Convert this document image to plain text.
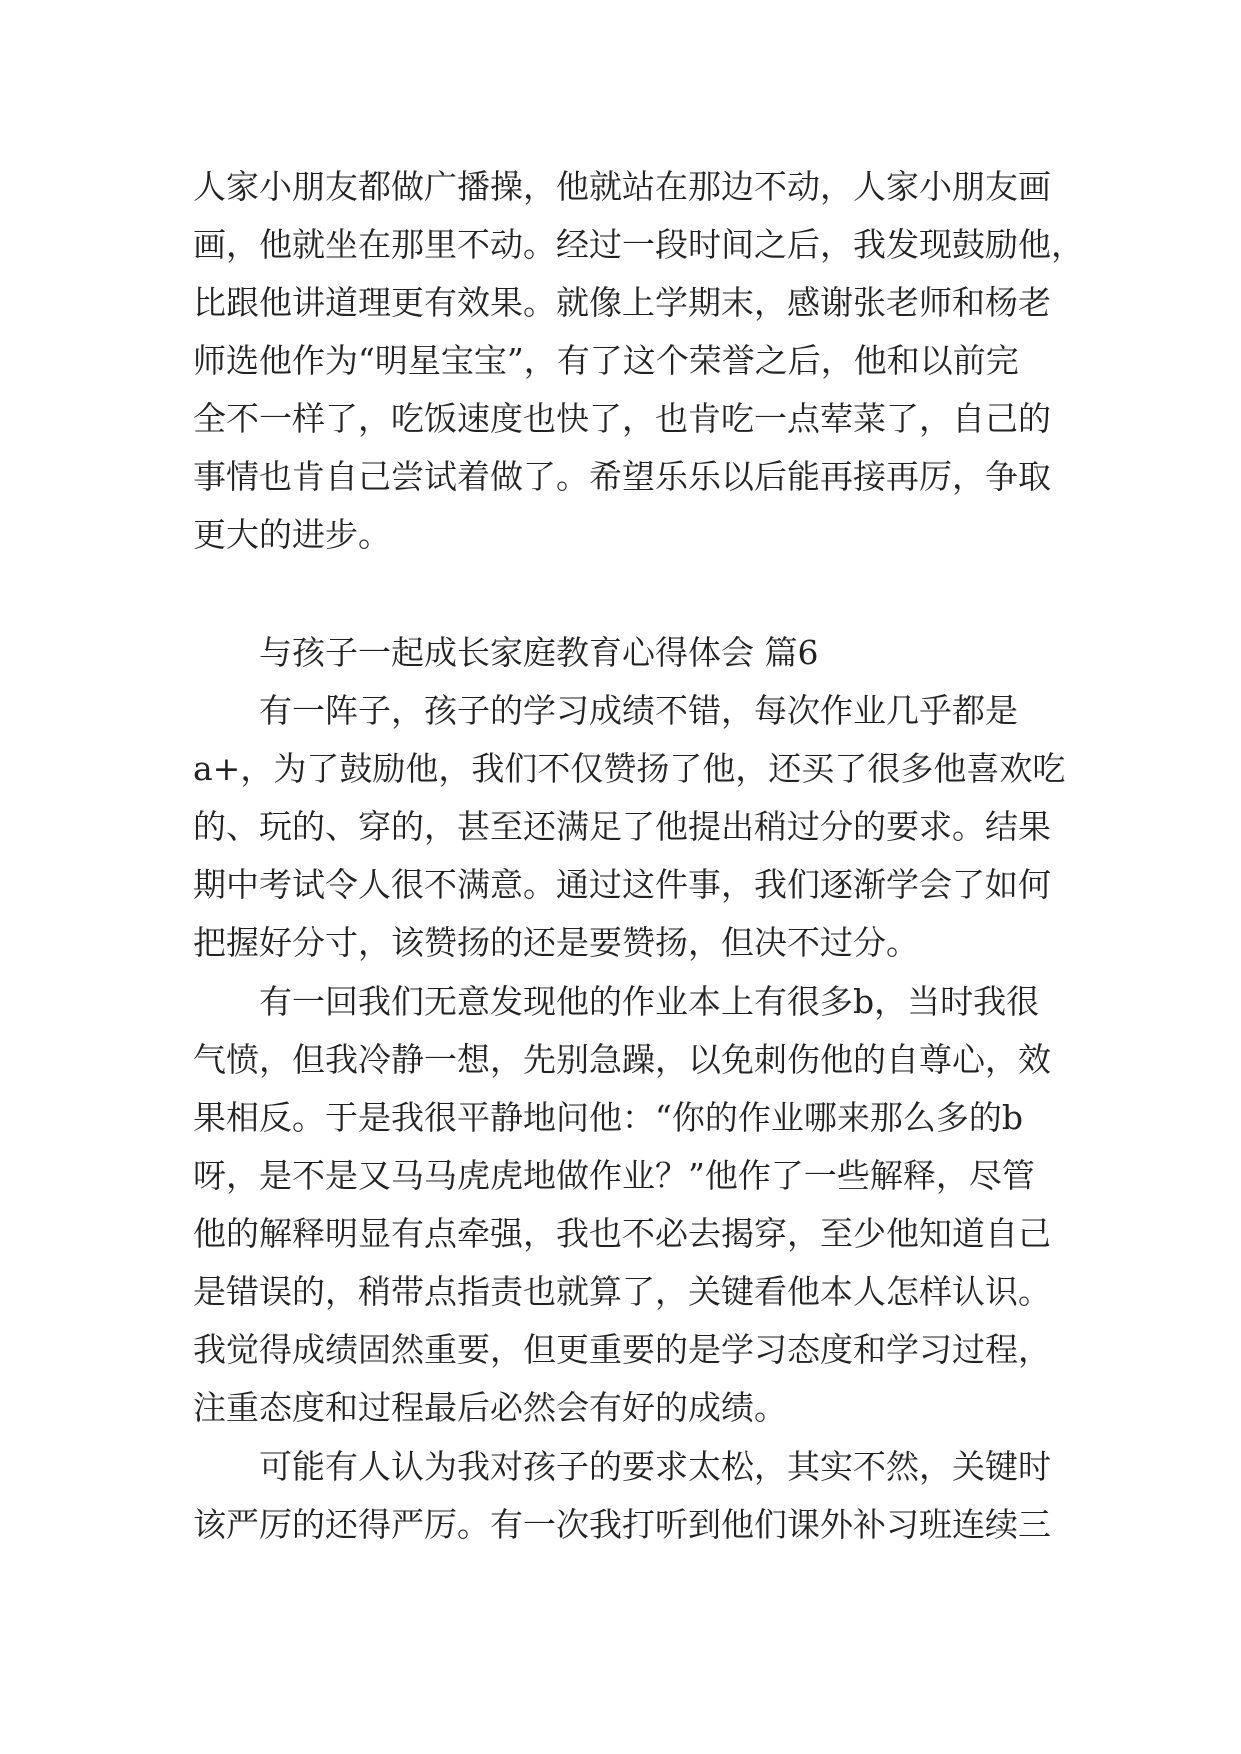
人家小朋友都做广播操，他就站在那边不动，人家小朋友画
画，他就坐在那里不动。经过一段时间之后，我发现鼓励他，
比跟他讲道理更有效果。就像上学期末，感谢张老师和杨老
师选他作为“明星宝宝”，有了这个荣誉之后，他和以前完
全不一样了，吃饭速度也快了，也肯吃一点荤菜了，自己的
事情也肯自己尝试着做了。希望乐乐以后能再接再厉，争取
更大的进步。
　　与孩子一起成长家庭教育心得体会 篇6
　　有一阵子，孩子的学习成绩不错，每次作业几乎都是
a+，为了鼓励他，我们不仅赞扬了他，还买了很多他喜欢吃
的、玩的、穿的，甚至还满足了他提出稍过分的要求。结果
期中考试令人很不满意。通过这件事，我们逐渐学会了如何
把握好分寸，该赞扬的还是要赞扬，但决不过分。
　　有一回我们无意发现他的作业本上有很多b，当时我很
气愤，但我冷静一想，先别急躁，以免刺伤他的自尊心，效
果相反。于是我很平静地问他：“你的作业哪来那么多的b
呀，是不是又马马虎虎地做作业？”他作了一些解释，尽管
他的解释明显有点牵强，我也不必去揭穿，至少他知道自己
是错误的，稍带点指责也就算了，关键看他本人怎样认识。
我觉得成绩固然重要，但更重要的是学习态度和学习过程，
注重态度和过程最后必然会有好的成绩。
　　可能有人认为我对孩子的要求太松，其实不然，关键时
该严厉的还得严厉。有一次我打听到他们课外补习班连续三
